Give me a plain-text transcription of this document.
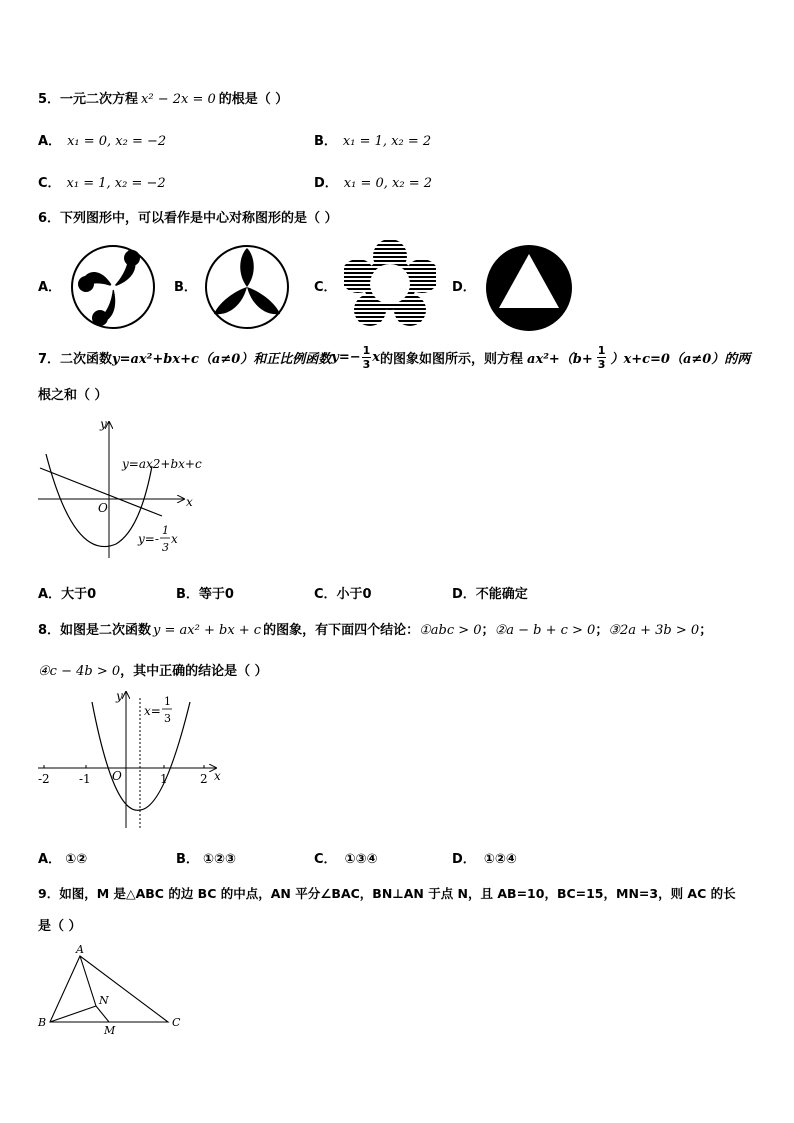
5．一元二次方程 x² − 2x = 0 的根是（ ）
A． x₁ = 0, x₂ = −2	B． x₁ = 1, x₂ = 2
C． x₁ = 1, x₂ = −2	D． x₁ = 0, x₂ = 2
6．下列图形中，可以看作是中心对称图形的是（ ）
A．	B．	C．	D．
7．二次函数y=ax²+bx+c（a≠0）和正比例函数$y=- \frac{1}{3}$ x的图象如图所示，则方程 $ax^2+(b+ \frac{1}{3} )x+c=0(a\ne 0)$的两
根之和（ ）
y
x
O
y=ax2+bx+c
y=-
1
3
x
A．大于0	B．等于0	C．小于0	D．不能确定
8．如图是二次函数 y = ax² + bx + c 的图象，有下面四个结论：①abc > 0；②a − b + c > 0；③2a + 3b > 0；
④c − 4b > 0，其中正确的结论是（ ）
-2 -1	1	2
O
y
x
x=
1
3
A． ①②	B． ①②③	C． ①③④	D． ①②④
9．如图，M 是△ABC 的边 BC 的中点，AN 平分∠BAC，BN⊥AN 于点 N，且 AB=10，BC=15，MN=3，则 AC 的长
是（ ）
A
B	C
N
M
